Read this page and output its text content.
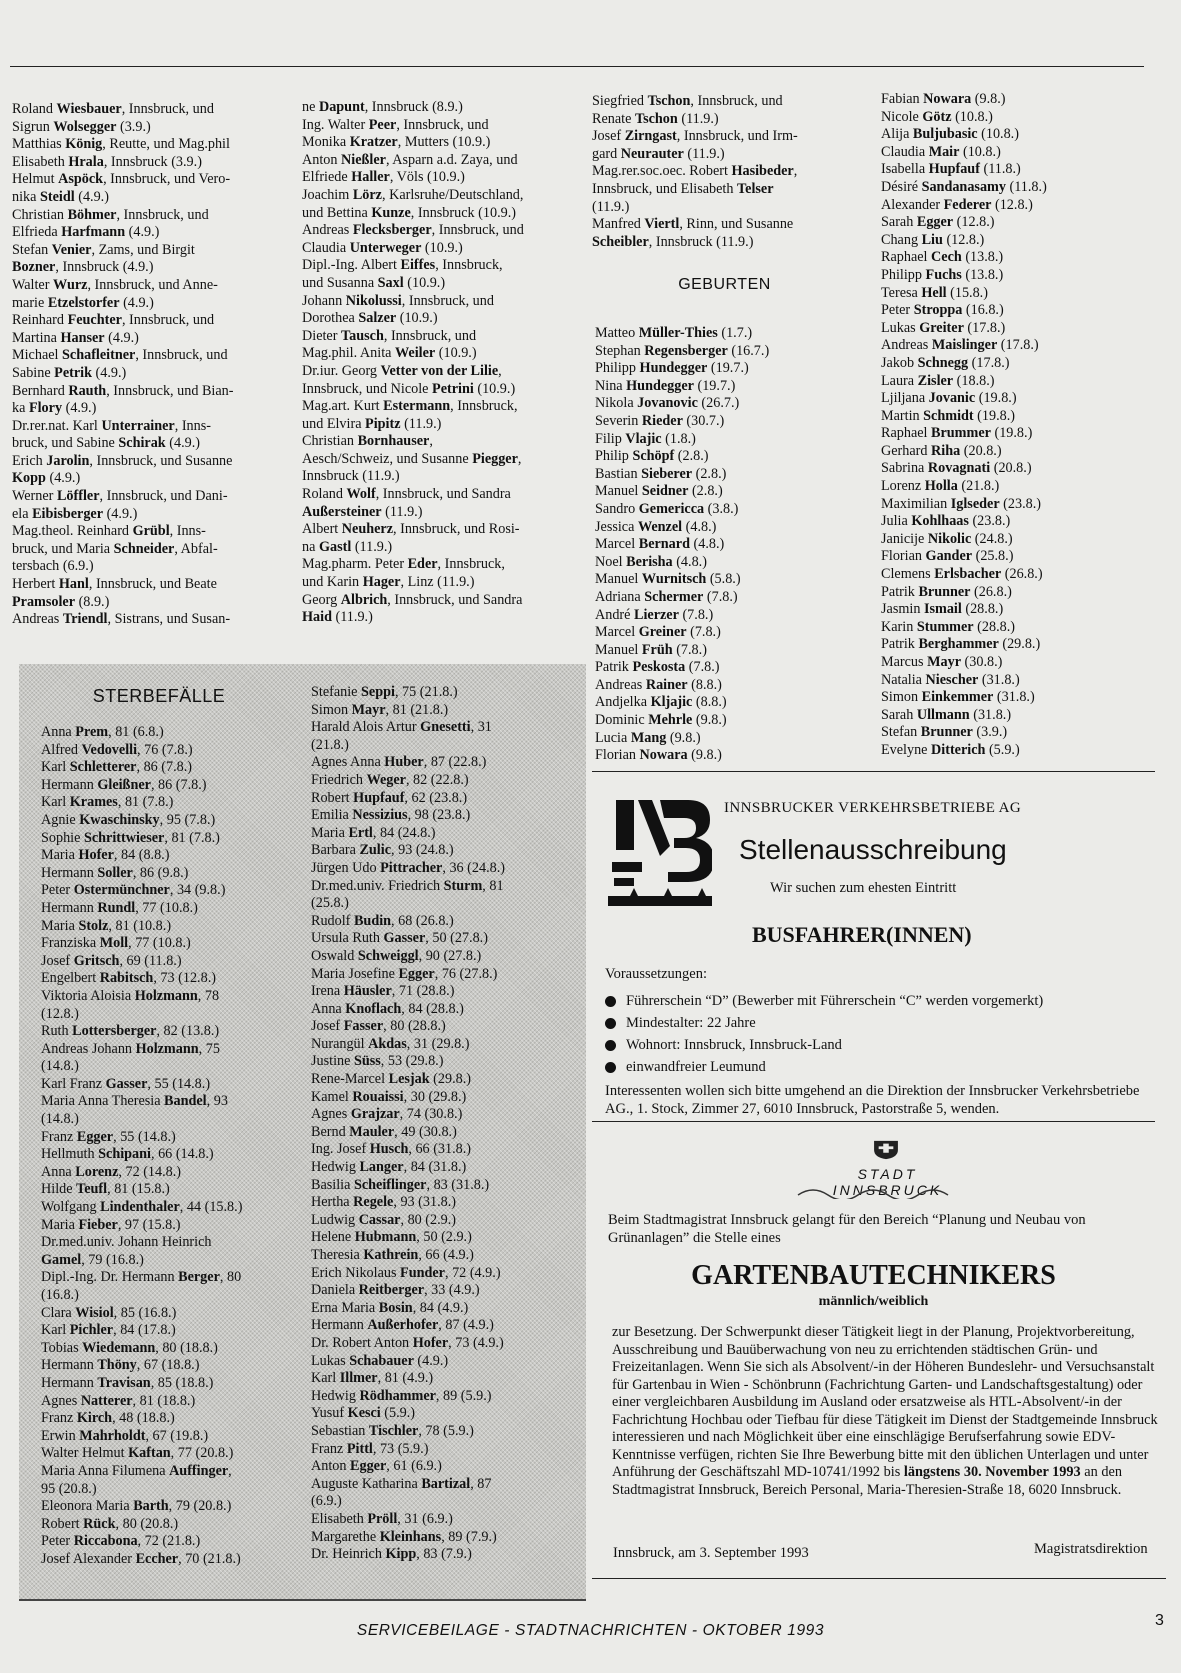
Roland Wiesbauer, Innsbruck, und
Sigrun Wolsegger (3.9.)
Matthias König, Reutte, und Mag.phil
Elisabeth Hrala, Innsbruck (3.9.)
Helmut Aspöck, Innsbruck, und Vero-
nika Steidl (4.9.)
Christian Böhmer, Innsbruck, und
Elfrieda Harfmann (4.9.)
Stefan Venier, Zams, und Birgit
Bozner, Innsbruck (4.9.)
Walter Wurz, Innsbruck, und Anne-
marie Etzelstorfer (4.9.)
Reinhard Feuchter, Innsbruck, und
Martina Hanser (4.9.)
Michael Schafleitner, Innsbruck, und
Sabine Petrik (4.9.)
Bernhard Rauth, Innsbruck, und Bian-
ka Flory (4.9.)
Dr.rer.nat. Karl Unterrainer, Inns-
bruck, und Sabine Schirak (4.9.)
Erich Jarolin, Innsbruck, und Susanne
Kopp (4.9.)
Werner Löffler, Innsbruck, und Dani-
ela Eibisberger (4.9.)
Mag.theol. Reinhard Grübl, Inns-
bruck, und Maria Schneider, Abfal-
tersbach (6.9.)
Herbert Hanl, Innsbruck, und Beate
Pramsoler (8.9.)
Andreas Triendl, Sistrans, und Susan-
ne Dapunt, Innsbruck (8.9.)
Ing. Walter Peer, Innsbruck, und
Monika Kratzer, Mutters (10.9.)
Anton Nießler, Asparn a.d. Zaya, und
Elfriede Haller, Völs (10.9.)
Joachim Lörz, Karlsruhe/Deutschland,
und Bettina Kunze, Innsbruck (10.9.)
Andreas Flecksberger, Innsbruck, und
Claudia Unterweger (10.9.)
Dipl.-Ing. Albert Eiffes, Innsbruck,
und Susanna Saxl (10.9.)
Johann Nikolussi, Innsbruck, und
Dorothea Salzer (10.9.)
Dieter Tausch, Innsbruck, und
Mag.phil. Anita Weiler (10.9.)
Dr.iur. Georg Vetter von der Lilie,
Innsbruck, und Nicole Petrini (10.9.)
Mag.art. Kurt Estermann, Innsbruck,
und Elvira Pipitz (11.9.)
Christian Bornhauser,
Aesch/Schweiz, und Susanne Piegger,
Innsbruck (11.9.)
Roland Wolf, Innsbruck, und Sandra
Außersteiner (11.9.)
Albert Neuherz, Innsbruck, und Rosi-
na Gastl (11.9.)
Mag.pharm. Peter Eder, Innsbruck,
und Karin Hager, Linz (11.9.)
Georg Albrich, Innsbruck, und Sandra
Haid (11.9.)
Siegfried Tschon, Innsbruck, und
Renate Tschon (11.9.)
Josef Zirngast, Innsbruck, und Irm-
gard Neurauter (11.9.)
Mag.rer.soc.oec. Robert Hasibeder,
Innsbruck, und Elisabeth Telser
(11.9.)
Manfred Viertl, Rinn, und Susanne
Scheibler, Innsbruck (11.9.)
GEBURTEN
Matteo Müller-Thies (1.7.)
Stephan Regensberger (16.7.)
Philipp Hundegger (19.7.)
Nina Hundegger (19.7.)
Nikola Jovanovic (26.7.)
Severin Rieder (30.7.)
Filip Vlajic (1.8.)
Philip Schöpf (2.8.)
Bastian Sieberer (2.8.)
Manuel Seidner (2.8.)
Sandro Gemericca (3.8.)
Jessica Wenzel (4.8.)
Marcel Bernard (4.8.)
Noel Berisha (4.8.)
Manuel Wurnitsch (5.8.)
Adriana Schermer (7.8.)
André Lierzer (7.8.)
Marcel Greiner (7.8.)
Manuel Früh (7.8.)
Patrik Peskosta (7.8.)
Andreas Rainer (8.8.)
Andjelka Kljajic (8.8.)
Dominic Mehrle (9.8.)
Lucia Mang (9.8.)
Florian Nowara (9.8.)
Fabian Nowara (9.8.)
Nicole Götz (10.8.)
Alija Buljubasic (10.8.)
Claudia Mair (10.8.)
Isabella Hupfauf (11.8.)
Désiré Sandanasamy (11.8.)
Alexander Federer (12.8.)
Sarah Egger (12.8.)
Chang Liu (12.8.)
Raphael Cech (13.8.)
Philipp Fuchs (13.8.)
Teresa Hell (15.8.)
Peter Stroppa (16.8.)
Lukas Greiter (17.8.)
Andreas Maislinger (17.8.)
Jakob Schnegg (17.8.)
Laura Zisler (18.8.)
Ljiljana Jovanic (19.8.)
Martin Schmidt (19.8.)
Raphael Brummer (19.8.)
Gerhard Riha (20.8.)
Sabrina Rovagnati (20.8.)
Lorenz Holla (21.8.)
Maximilian Iglseder (23.8.)
Julia Kohlhaas (23.8.)
Janicije Nikolic (24.8.)
Florian Gander (25.8.)
Clemens Erlsbacher (26.8.)
Patrik Brunner (26.8.)
Jasmin Ismail (28.8.)
Karin Stummer (28.8.)
Patrik Berghammer (29.8.)
Marcus Mayr (30.8.)
Natalia Niescher (31.8.)
Simon Einkemmer (31.8.)
Sarah Ullmann (31.8.)
Stefan Brunner (3.9.)
Evelyne Ditterich (5.9.)
STERBEFÄLLE
Anna Prem, 81 (6.8.)
Alfred Vedovelli, 76 (7.8.)
Karl Schletterer, 86 (7.8.)
Hermann Gleißner, 86 (7.8.)
Karl Krames, 81 (7.8.)
Agnie Kwaschinsky, 95 (7.8.)
Sophie Schrittwieser, 81 (7.8.)
Maria Hofer, 84 (8.8.)
Hermann Soller, 86 (9.8.)
Peter Ostermünchner, 34 (9.8.)
Hermann Rundl, 77 (10.8.)
Maria Stolz, 81 (10.8.)
Franziska Moll, 77 (10.8.)
Josef Gritsch, 69 (11.8.)
Engelbert Rabitsch, 73 (12.8.)
Viktoria Aloisia Holzmann, 78
(12.8.)
Ruth Lottersberger, 82 (13.8.)
Andreas Johann Holzmann, 75
(14.8.)
Karl Franz Gasser, 55 (14.8.)
Maria Anna Theresia Bandel, 93
(14.8.)
Franz Egger, 55 (14.8.)
Hellmuth Schipani, 66 (14.8.)
Anna Lorenz, 72 (14.8.)
Hilde Teufl, 81 (15.8.)
Wolfgang Lindenthaler, 44 (15.8.)
Maria Fieber, 97 (15.8.)
Dr.med.univ. Johann Heinrich
Gamel, 79 (16.8.)
Dipl.-Ing. Dr. Hermann Berger, 80
(16.8.)
Clara Wisiol, 85 (16.8.)
Karl Pichler, 84 (17.8.)
Tobias Wiedemann, 80 (18.8.)
Hermann Thöny, 67 (18.8.)
Hermann Travisan, 85 (18.8.)
Agnes Natterer, 81 (18.8.)
Franz Kirch, 48 (18.8.)
Erwin Mahrholdt, 67 (19.8.)
Walter Helmut Kaftan, 77 (20.8.)
Maria Anna Filumena Auffinger,
95 (20.8.)
Eleonora Maria Barth, 79 (20.8.)
Robert Rück, 80 (20.8.)
Peter Riccabona, 72 (21.8.)
Josef Alexander Eccher, 70 (21.8.)
Stefanie Seppi, 75 (21.8.)
Simon Mayr, 81 (21.8.)
Harald Alois Artur Gnesetti, 31
(21.8.)
Agnes Anna Huber, 87 (22.8.)
Friedrich Weger, 82 (22.8.)
Robert Hupfauf, 62 (23.8.)
Emilia Nessizius, 98 (23.8.)
Maria Ertl, 84 (24.8.)
Barbara Zulic, 93 (24.8.)
Jürgen Udo Pittracher, 36 (24.8.)
Dr.med.univ. Friedrich Sturm, 81
(25.8.)
Rudolf Budin, 68 (26.8.)
Ursula Ruth Gasser, 50 (27.8.)
Oswald Schweiggl, 90 (27.8.)
Maria Josefine Egger, 76 (27.8.)
Irena Häusler, 71 (28.8.)
Anna Knoflach, 84 (28.8.)
Josef Fasser, 80 (28.8.)
Nurangül Akdas, 31 (29.8.)
Justine Süss, 53 (29.8.)
Rene-Marcel Lesjak (29.8.)
Kamel Rouaissi, 30 (29.8.)
Agnes Grajzar, 74 (30.8.)
Bernd Mauler, 49 (30.8.)
Ing. Josef Husch, 66 (31.8.)
Hedwig Langer, 84 (31.8.)
Basilia Scheiflinger, 83 (31.8.)
Hertha Regele, 93 (31.8.)
Ludwig Cassar, 80 (2.9.)
Helene Hubmann, 50 (2.9.)
Theresia Kathrein, 66 (4.9.)
Erich Nikolaus Funder, 72 (4.9.)
Daniela Reitberger, 33 (4.9.)
Erna Maria Bosin, 84 (4.9.)
Hermann Außerhofer, 87 (4.9.)
Dr. Robert Anton Hofer, 73 (4.9.)
Lukas Schabauer (4.9.)
Karl Illmer, 81 (4.9.)
Hedwig Rödhammer, 89 (5.9.)
Yusuf Kesci (5.9.)
Sebastian Tischler, 78 (5.9.)
Franz Pittl, 73 (5.9.)
Anton Egger, 61 (6.9.)
Auguste Katharina Bartizal, 87
(6.9.)
Elisabeth Pröll, 31 (6.9.)
Margarethe Kleinhans, 89 (7.9.)
Dr. Heinrich Kipp, 83 (7.9.)
INNSBRUCKER VERKEHRSBETRIEBE AG
Stellenausschreibung
Wir suchen zum ehesten Eintritt
BUSFAHRER(INNEN)
Voraussetzungen:
Führerschein “D” (Bewerber mit Führerschein “C” werden vorgemerkt)
Mindestalter: 22 Jahre
Wohnort: Innsbruck, Innsbruck-Land
einwandfreier Leumund
Interessenten wollen sich bitte umgehend an die Direktion der Innsbrucker Verkehrsbetriebe AG., 1. Stock, Zimmer 27, 6010 Innsbruck, Pastorstraße 5, wenden.
STADT INNSBRUCK
Beim Stadtmagistrat Innsbruck gelangt für den Bereich “Planung und Neubau von Grünanlagen” die Stelle eines
GARTENBAUTECHNIKERS
männlich/weiblich
zur Besetzung. Der Schwerpunkt dieser Tätigkeit liegt in der Planung, Projektvorbereitung, Ausschreibung und Bauüberwachung von neu zu errichtenden städtischen Grün- und Freizeitanlagen. Wenn Sie sich als Absolvent/-in der Höheren Bundeslehr- und Versuchsanstalt für Gartenbau in Wien - Schönbrunn (Fachrichtung Garten- und Landschaftsgestaltung) oder einer vergleichbaren Ausbildung im Ausland oder ersatzweise als HTL-Absolvent/-in der Fachrichtung Hochbau oder Tiefbau für diese Tätigkeit im Dienst der Stadtgemeinde Innsbruck interessieren und nach Möglichkeit über eine einschlägige Berufserfahrung sowie EDV-Kenntnisse verfügen, richten Sie Ihre Bewerbung bitte mit den üblichen Unterlagen und unter Anführung der Geschäftszahl MD-10741/1992 bis längstens 30. November 1993 an den Stadtmagistrat Innsbruck, Bereich Personal, Maria-Theresien-Straße 18, 6020 Innsbruck.
Innsbruck, am 3. September 1993	Magistratsdirektion
SERVICEBEILAGE - STADTNACHRICHTEN - OKTOBER 1993
3
